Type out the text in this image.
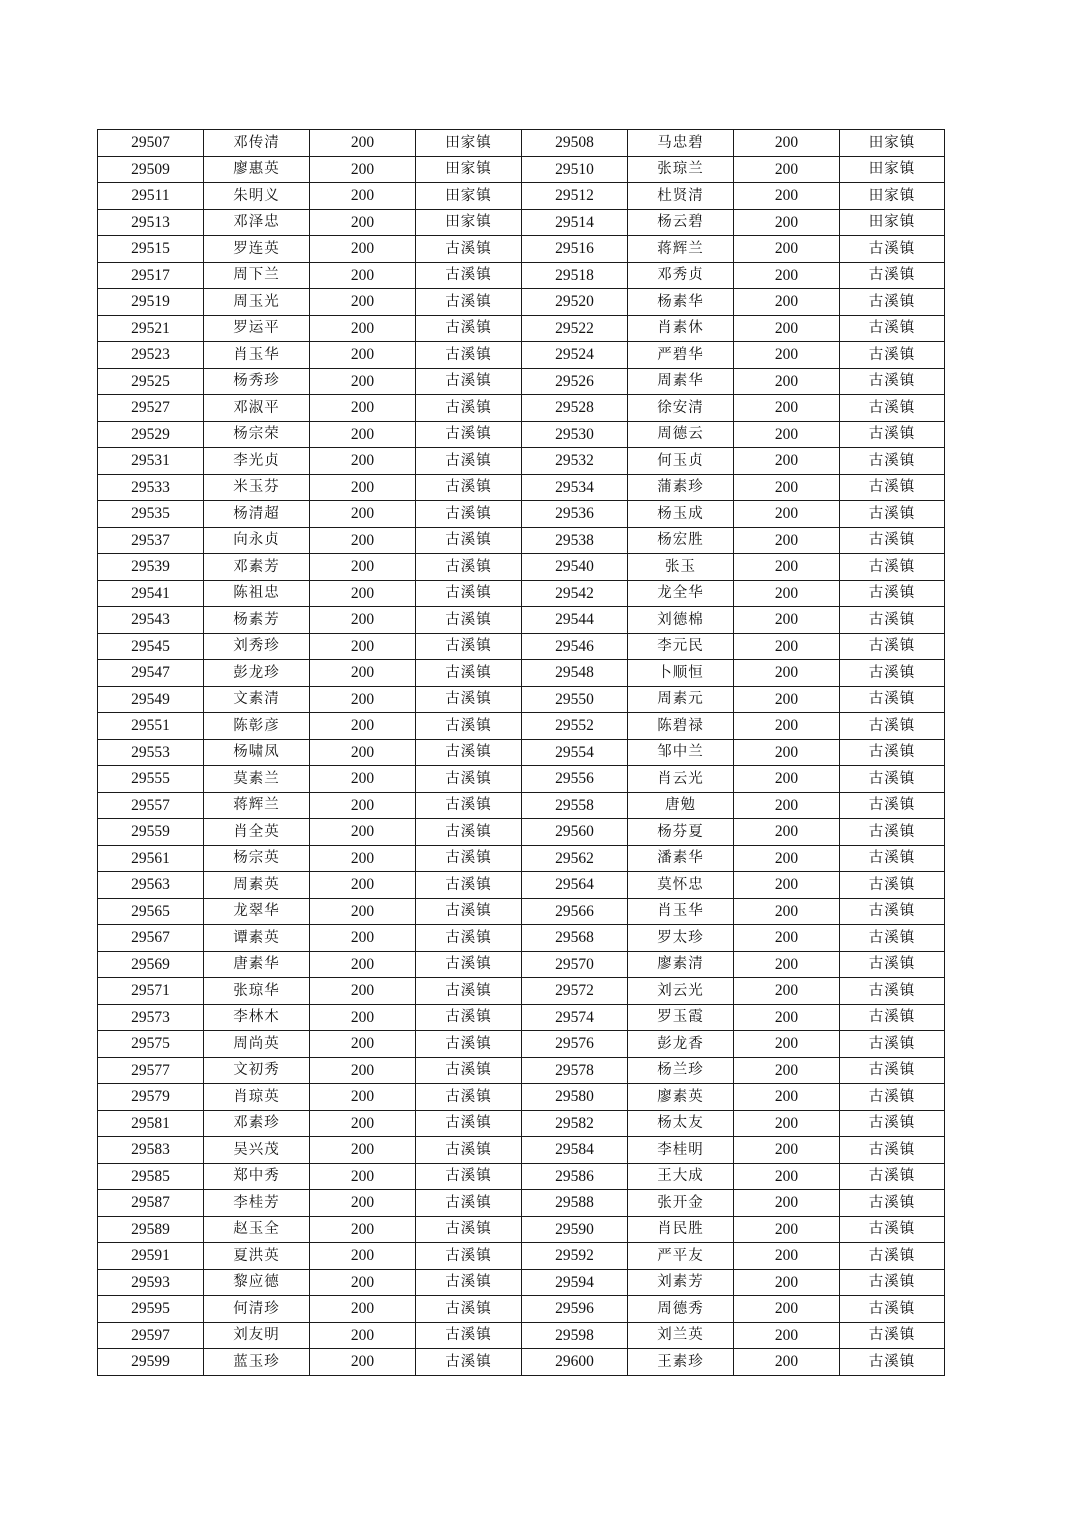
29507	邓传清	200	田家镇	29508	马忠碧	200	田家镇
29509	廖惠英	200	田家镇	29510	张琼兰	200	田家镇
29511	朱明义	200	田家镇	29512	杜贤清	200	田家镇
29513	邓泽忠	200	田家镇	29514	杨云碧	200	田家镇
29515	罗连英	200	古溪镇	29516	蒋辉兰	200	古溪镇
29517	周下兰	200	古溪镇	29518	邓秀贞	200	古溪镇
29519	周玉光	200	古溪镇	29520	杨素华	200	古溪镇
29521	罗运平	200	古溪镇	29522	肖素休	200	古溪镇
29523	肖玉华	200	古溪镇	29524	严碧华	200	古溪镇
29525	杨秀珍	200	古溪镇	29526	周素华	200	古溪镇
29527	邓淑平	200	古溪镇	29528	徐安清	200	古溪镇
29529	杨宗荣	200	古溪镇	29530	周德云	200	古溪镇
29531	李光贞	200	古溪镇	29532	何玉贞	200	古溪镇
29533	米玉芬	200	古溪镇	29534	蒲素珍	200	古溪镇
29535	杨清超	200	古溪镇	29536	杨玉成	200	古溪镇
29537	向永贞	200	古溪镇	29538	杨宏胜	200	古溪镇
29539	邓素芳	200	古溪镇	29540	张玉	200	古溪镇
29541	陈祖忠	200	古溪镇	29542	龙全华	200	古溪镇
29543	杨素芳	200	古溪镇	29544	刘德棉	200	古溪镇
29545	刘秀珍	200	古溪镇	29546	李元民	200	古溪镇
29547	彭龙珍	200	古溪镇	29548	卜顺恒	200	古溪镇
29549	文素清	200	古溪镇	29550	周素元	200	古溪镇
29551	陈彰彦	200	古溪镇	29552	陈碧禄	200	古溪镇
29553	杨啸凤	200	古溪镇	29554	邹中兰	200	古溪镇
29555	莫素兰	200	古溪镇	29556	肖云光	200	古溪镇
29557	蒋辉兰	200	古溪镇	29558	唐勉	200	古溪镇
29559	肖全英	200	古溪镇	29560	杨芬夏	200	古溪镇
29561	杨宗英	200	古溪镇	29562	潘素华	200	古溪镇
29563	周素英	200	古溪镇	29564	莫怀忠	200	古溪镇
29565	龙翠华	200	古溪镇	29566	肖玉华	200	古溪镇
29567	谭素英	200	古溪镇	29568	罗太珍	200	古溪镇
29569	唐素华	200	古溪镇	29570	廖素清	200	古溪镇
29571	张琼华	200	古溪镇	29572	刘云光	200	古溪镇
29573	李林木	200	古溪镇	29574	罗玉霞	200	古溪镇
29575	周尚英	200	古溪镇	29576	彭龙香	200	古溪镇
29577	文初秀	200	古溪镇	29578	杨兰珍	200	古溪镇
29579	肖琼英	200	古溪镇	29580	廖素英	200	古溪镇
29581	邓素珍	200	古溪镇	29582	杨太友	200	古溪镇
29583	吴兴茂	200	古溪镇	29584	李桂明	200	古溪镇
29585	郑中秀	200	古溪镇	29586	王大成	200	古溪镇
29587	李桂芳	200	古溪镇	29588	张开金	200	古溪镇
29589	赵玉全	200	古溪镇	29590	肖民胜	200	古溪镇
29591	夏洪英	200	古溪镇	29592	严平友	200	古溪镇
29593	黎应德	200	古溪镇	29594	刘素芳	200	古溪镇
29595	何清珍	200	古溪镇	29596	周德秀	200	古溪镇
29597	刘友明	200	古溪镇	29598	刘兰英	200	古溪镇
29599	蓝玉珍	200	古溪镇	29600	王素珍	200	古溪镇
